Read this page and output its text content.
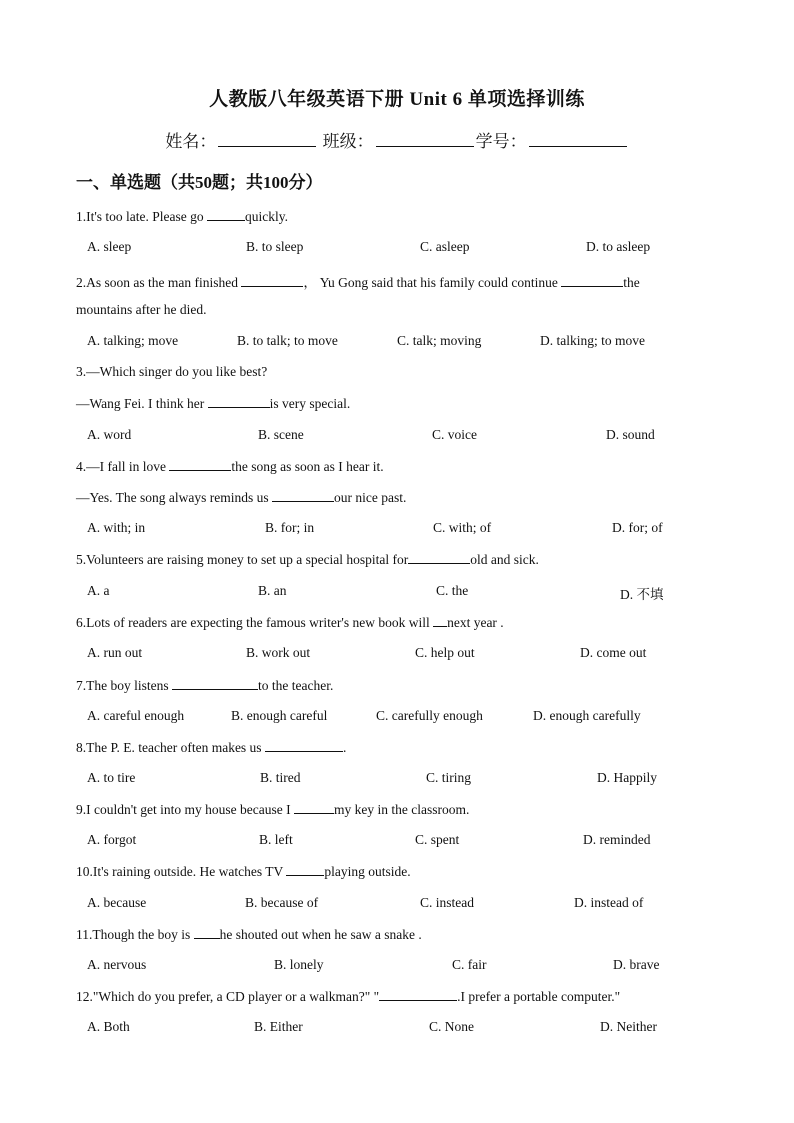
人教版八年级英语下册 Unit 6 单项选择训练
姓名：	班级：	学号：
一、单选题（共50题；共100分）
1.It's too late. Please go	quickly.
A. sleep	B. to sleep	C. asleep	D. to asleep
2.As soon as the man finished	， Yu Gong said that his family could continue	the
mountains after he died.
A. talking; move	B. to talk; to move	C. talk; moving	D. talking; to move
3.—Which singer do you like best?
—Wang Fei. I think her	is very special.
A. word	B. scene	C. voice	D. sound
4.—I fall in love	the song as soon as I hear it.
—Yes. The song always reminds us	our nice past.
A. with; in	B. for; in	C. with; of	D. for; of
5.Volunteers are raising money to set up a special hospital for	old and sick.
A. a	B. an	C. the	D. 不填
6.Lots of readers are expecting the famous writer's new book will next year .
A. run out	B. work out	C. help out	D. come out
7.The boy listens	to the teacher.
A. careful enough	B. enough careful	C. carefully enough	D. enough carefully
8.The P. E. teacher often makes us	.
A. to tire	B. tired	C. tiring	D. Happily
9.I couldn't get into my house because I	my key in the classroom.
A. forgot	B. left	C. spent	D. reminded
10.It's raining outside. He watches TV	playing outside.
A. because	B. because of	C. instead	D. instead of
11.Though the boy is he shouted out when he saw a snake .
A. nervous	B. lonely	C. fair	D. brave
12."Which do you prefer, a CD player or a walkman?" "	.I prefer a portable computer."
A. Both	B. Either	C. None	D. Neither
